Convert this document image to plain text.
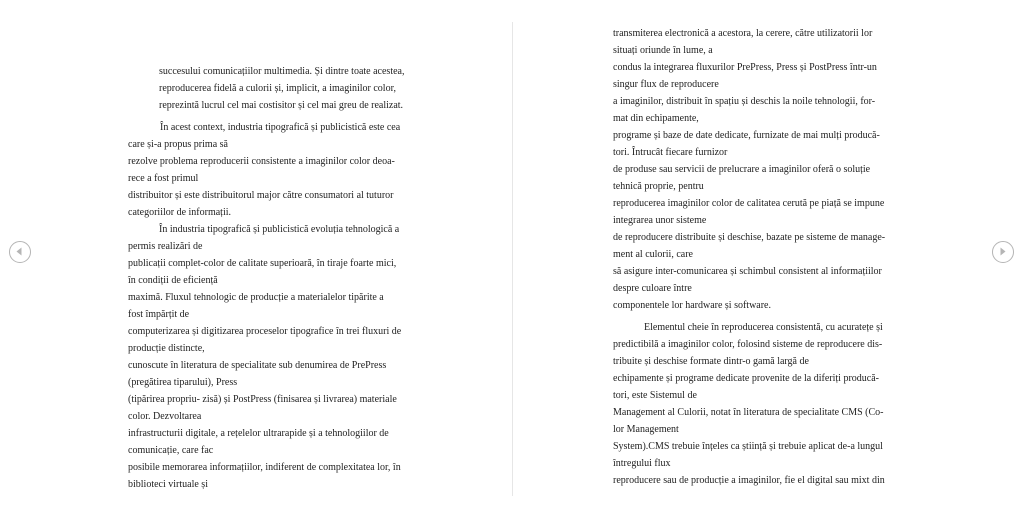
succesului comunicațiilor multimedia. Și dintre toate acestea,
reproducerea fidelă a culorii și, implicit, a imaginilor color,
reprezintă lucrul cel mai costisitor și cel mai greu de realizat.
În acest context, industria tipografică și publicistică este cea
care și-a propus prima să
rezolve problema reproducerii consistente a imaginilor color deoa-
rece a fost primul
distribuitor și este distribuitorul major către consumatori al tuturor
categoriilor de informații.
În industria tipografică și publicistică evoluția tehnologică a
permis realizări de
publicații complet-color de calitate superioară, în tiraje foarte mici,
în condiții de eficiență
maximă. Fluxul tehnologic de producție a materialelor tipărite a
fost împărțit de
computerizarea și digitizarea proceselor tipografice în trei fluxuri de
producție distincte,
cunoscute în literatura de specialitate sub denumirea de PrePress
(pregătirea tiparului), Press
(tipărirea propriu- zisă) și PostPress (finisarea și livrarea) materiale
color. Dezvoltarea
infrastructurii digitale, a rețelelor ultrarapide și a tehnologiilor de
comunicație, care fac
posibile memorarea informațiilor, indiferent de complexitatea lor, în
biblioteci virtuale și
transmiterea electronică a acestora, la cerere, către utilizatorii lor
situați oriunde în lume, a
condus la integrarea fluxurilor PrePress, Press și PostPress într-un
singur flux de reproducere
a imaginilor, distribuit în spațiu și deschis la noile tehnologii, for-
mat din echipamente,
programe și baze de date dedicate, furnizate de mai mulți producă-
tori. Întrucât fiecare furnizor
de produse sau servicii de prelucrare a imaginilor oferă o soluție
tehnică proprie, pentru
reproducerea imaginilor color de calitatea cerută pe piață se impune
integrarea unor sisteme
de reproducere distribuite și deschise, bazate pe sisteme de manage-
ment al culorii, care
să asigure inter-comunicarea și schimbul consistent al informațiilor
despre culoare între
componentele lor hardware și software.
Elementul cheie în reproducerea consistentă, cu acuratețe și
predictibilă a imaginilor color, folosind sisteme de reproducere dis-
tribuite și deschise formate dintr-o gamă largă de
echipamente și programe dedicate provenite de la diferiți producă-
tori, este Sistemul de
Management al Culorii, notat în literatura de specialitate CMS (Co-
lor Management
System).CMS trebuie înțeles ca știință și trebuie aplicat de-a lungul
întregului flux
reproducere sau de producție a imaginilor, fie el digital sau mixt din
